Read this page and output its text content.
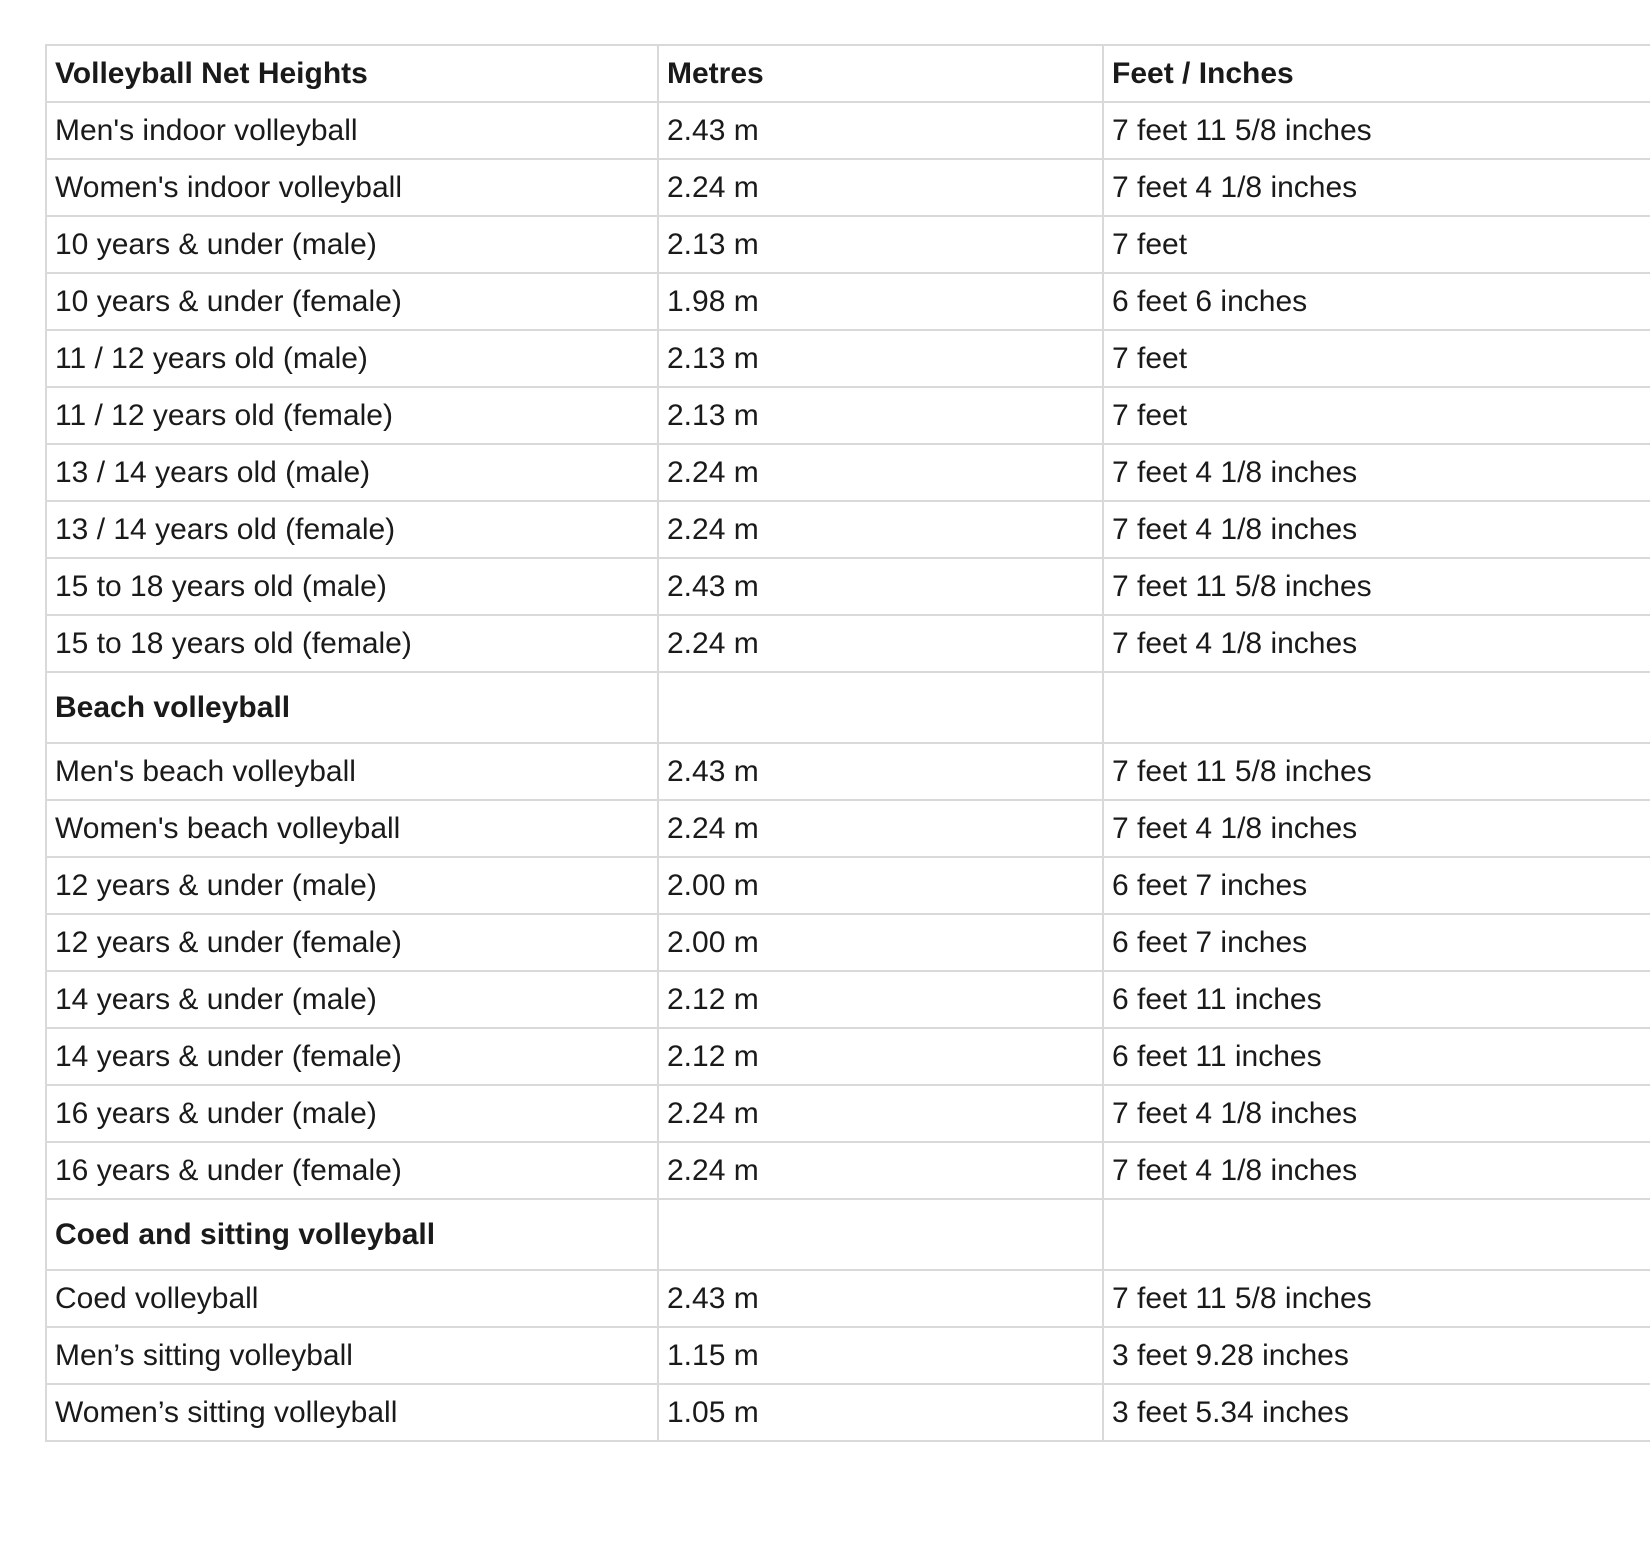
Volleyball Net Heights	Metres	Feet / Inches
Men's indoor volleyball	2.43 m	7 feet 11 5/8 inches
Women's indoor volleyball	2.24 m	7 feet 4 1/8 inches
10 years & under (male)	2.13 m	7 feet
10 years & under (female)	1.98 m	6 feet 6 inches
11 / 12 years old (male)	2.13 m	7 feet
11 / 12 years old (female)	2.13 m	7 feet
13 / 14 years old (male)	2.24 m	7 feet 4 1/8 inches
13 / 14 years old (female)	2.24 m	7 feet 4 1/8 inches
15 to 18 years old (male)	2.43 m	7 feet 11 5/8 inches
15 to 18 years old (female)	2.24 m	7 feet 4 1/8 inches
Beach volleyball		
Men's beach volleyball	2.43 m	7 feet 11 5/8 inches
Women's beach volleyball	2.24 m	7 feet 4 1/8 inches
12 years & under (male)	2.00 m	6 feet 7 inches
12 years & under (female)	2.00 m	6 feet 7 inches
14 years & under (male)	2.12 m	6 feet 11 inches
14 years & under (female)	2.12 m	6 feet 11 inches
16 years & under (male)	2.24 m	7 feet 4 1/8 inches
16 years & under (female)	2.24 m	7 feet 4 1/8 inches
Coed and sitting volleyball		
Coed volleyball	2.43 m	7 feet 11 5/8 inches
Men’s sitting volleyball	1.15 m	3 feet 9.28 inches
Women’s sitting volleyball	1.05 m	3 feet 5.34 inches
